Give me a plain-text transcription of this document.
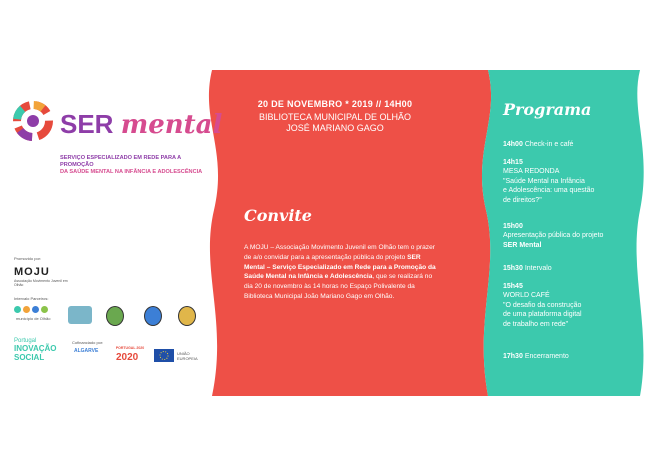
SER mental
SERVIÇO ESPECIALIZADO EM REDE PARA A PROMOÇÃO
DA SAÚDE MENTAL NA INFÂNCIA E ADOLESCÊNCIA
Promovido por:
MOJU
Associação Movimento Juvenil em Olhão
Intervalo Parceiros:
município de Olhão
Portugal
INOVAÇÃO
SOCIAL
Cofinanciado por:
ALGARVE	PORTUGAL 2020
2020	UNIÃO EUROPEIA
20 DE NOVEMBRO * 2019 // 14H00
BIBLIOTECA MUNICIPAL DE OLHÃO
JOSÉ MARIANO GAGO
Convite
A MOJU – Associação Movimento Juvenil em Olhão tem o prazer de a/o convidar para a apresentação pública do projeto SER Mental – Serviço Especializado em Rede para a Promoção da Saúde Mental na Infância e Adolescência, que se realizará no dia 20 de novembro às 14 horas no Espaço Polivalente da Biblioteca Municipal João Mariano Gago em Olhão.
Programa
14h00 Check-in e café
14h15
MESA REDONDA
"Saúde Mental na Infância
e Adolescência: uma questão
de direitos?"
15h00
Apresentação pública do projeto
SER Mental
15h30 Intervalo
15h45
WORLD CAFÉ
"O desafio da construção
de uma plataforma digital
de trabalho em rede"
17h30 Encerramento
